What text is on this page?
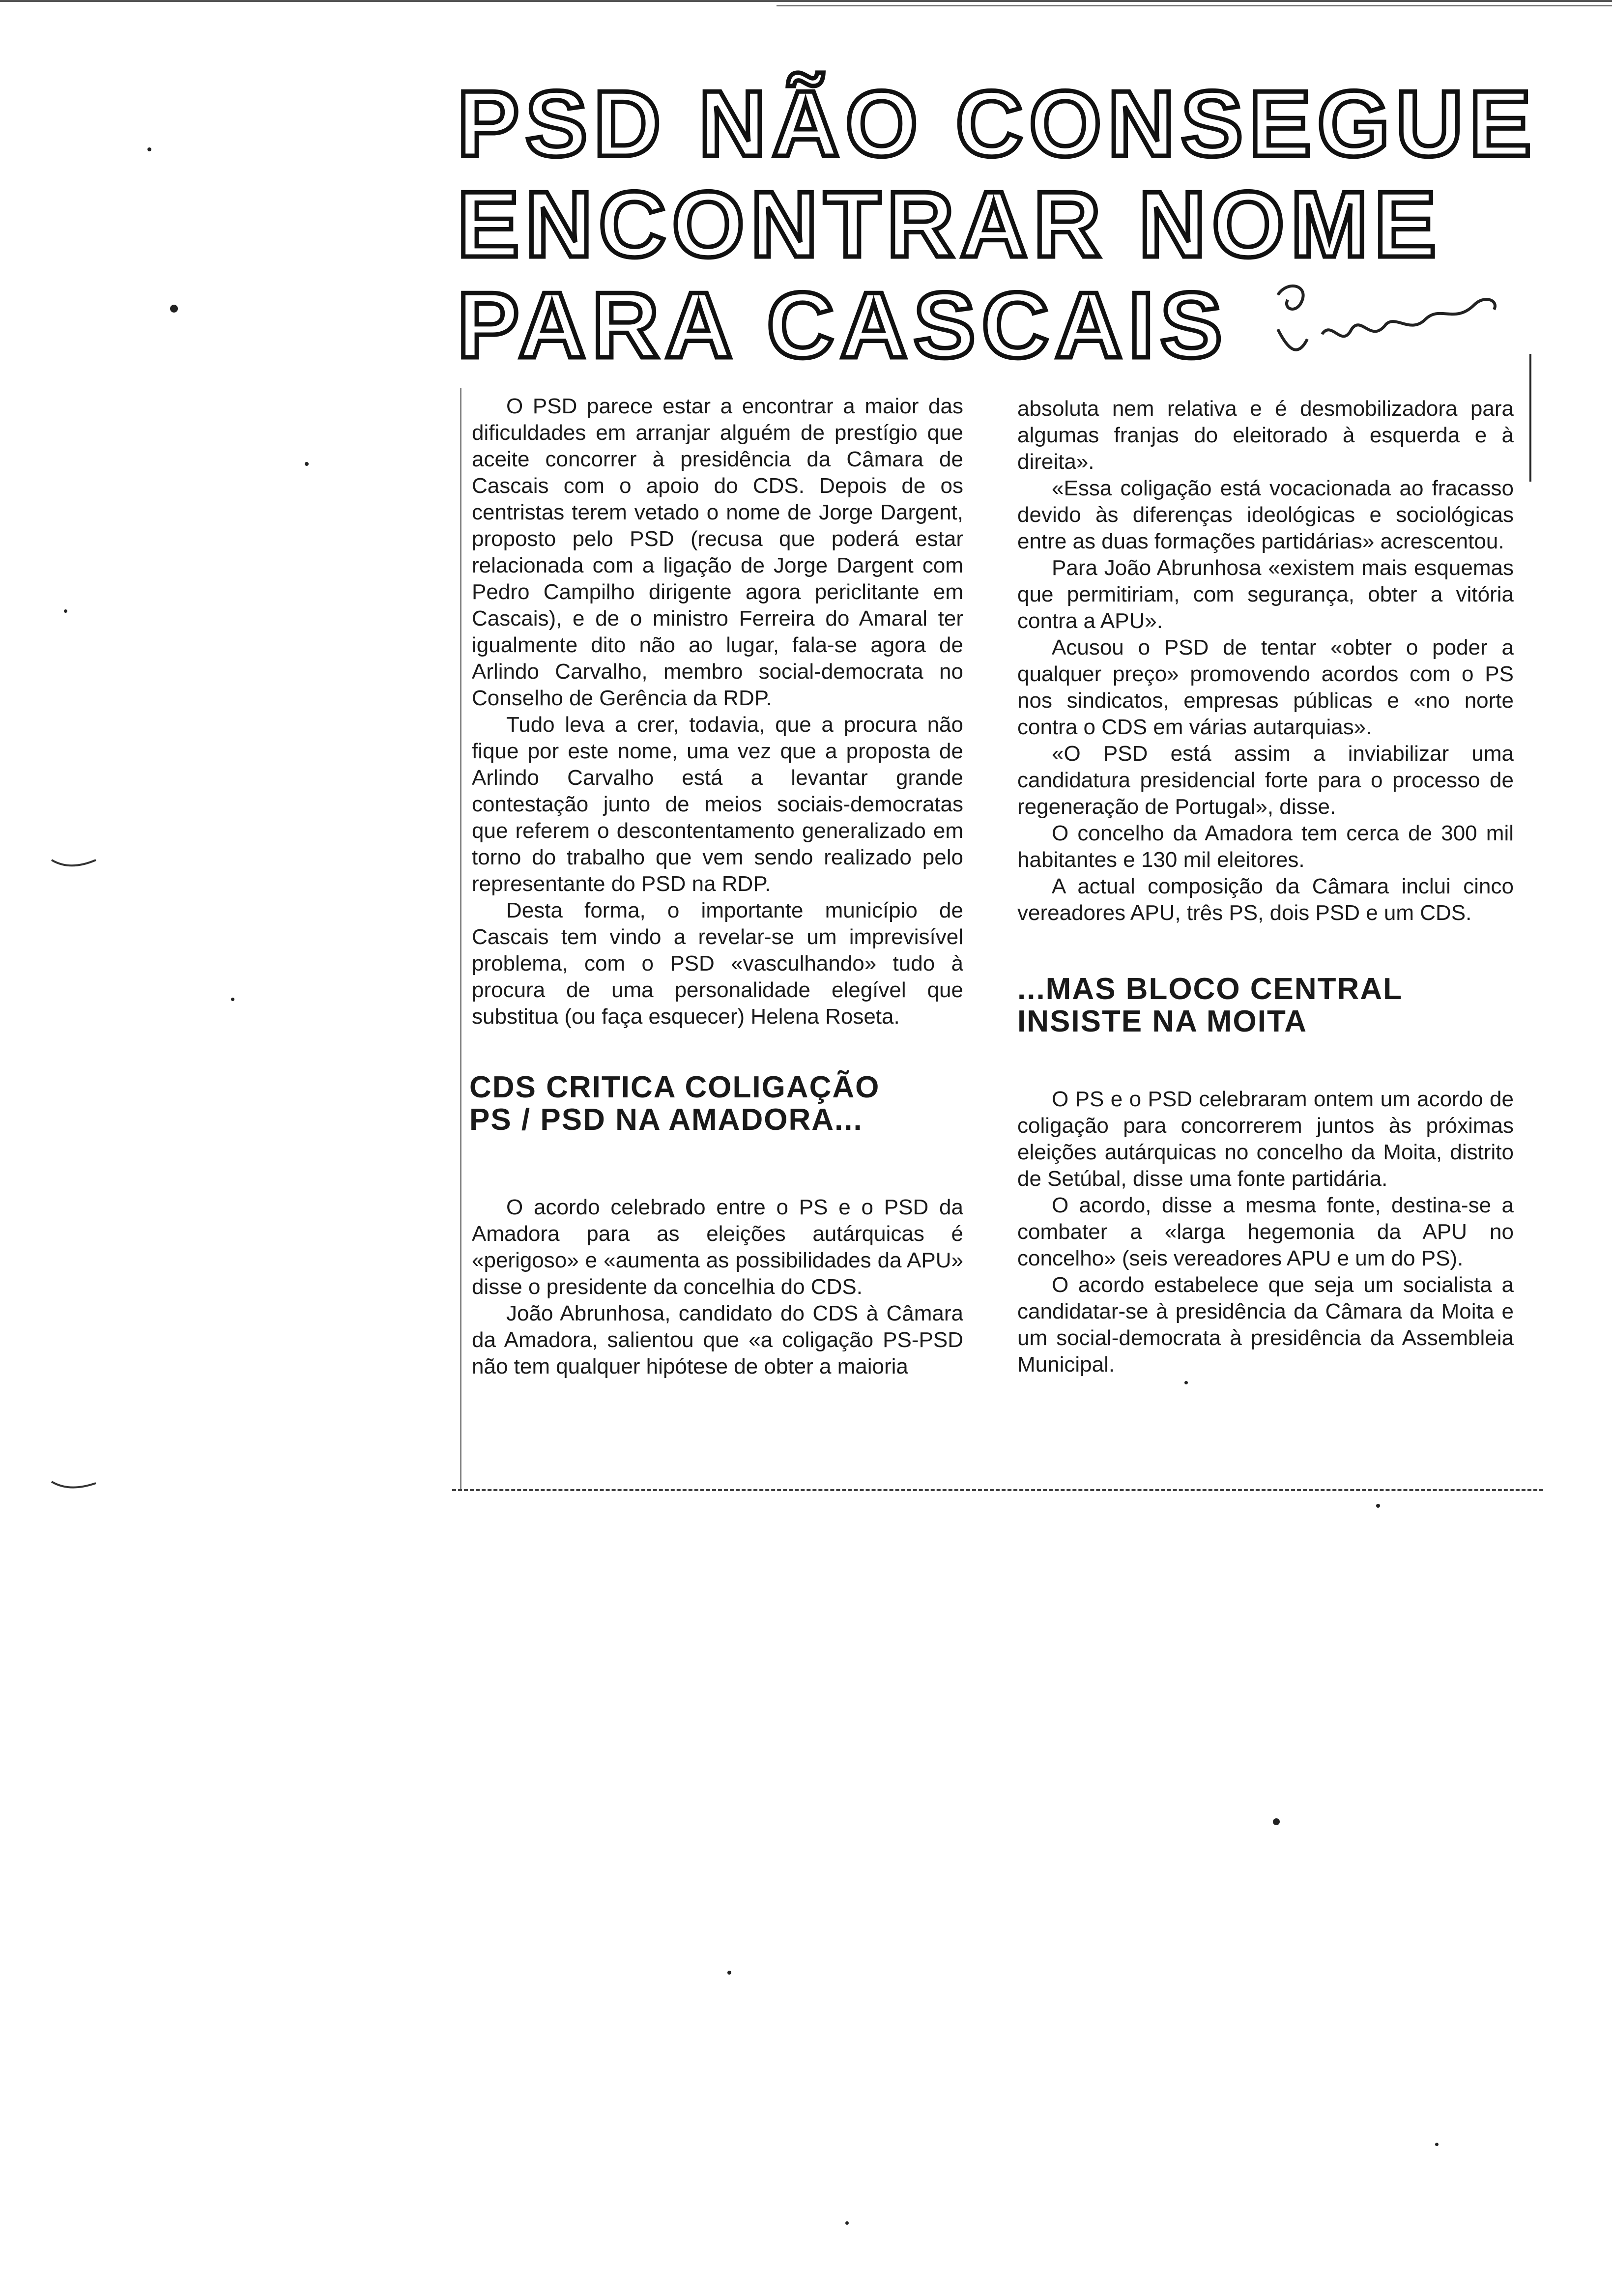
PSD NÃO CONSEGUE
ENCONTRAR NOME
PARA CASCAIS

O PSD parece estar a encontrar a maior das dificuldades em arranjar alguém de prestígio que aceite concorrer à presidência da Câmara de Cascais com o apoio do CDS. Depois de os centristas terem vetado o nome de Jorge Dargent, proposto pelo PSD (recusa que poderá estar relacionada com a ligação de Jorge Dargent com Pedro Campilho dirigente agora periclitante em Cascais), e de o ministro Ferreira do Amaral ter igualmente dito não ao lugar, fala-se agora de Arlindo Carvalho, membro social-democrata no Conselho de Gerência da RDP.

Tudo leva a crer, todavia, que a procura não fique por este nome, uma vez que a proposta de Arlindo Carvalho está a levantar grande contestação junto de meios sociais-democratas que referem o descontentamento generalizado em torno do trabalho que vem sendo realizado pelo representante do PSD na RDP.

Desta forma, o importante município de Cascais tem vindo a revelar-se um imprevisível problema, com o PSD «vasculhando» tudo à procura de uma personalidade elegível que substitua (ou faça esquecer) Helena Roseta.

CDS CRITICA COLIGAÇÃO PS / PSD NA AMADORA...

O acordo celebrado entre o PS e o PSD da Amadora para as eleições autárquicas é «perigoso» e «aumenta as possibilidades da APU» disse o presidente da concelhia do CDS.

João Abrunhosa, candidato do CDS à Câmara da Amadora, salientou que «a coligação PS-PSD não tem qualquer hipótese de obter a maioria

absoluta nem relativa e é desmobilizadora para algumas franjas do eleitorado à esquerda e à direita».

«Essa coligação está vocacionada ao fracasso devido às diferenças ideológicas e sociológicas entre as duas formações partidárias» acrescentou.

Para João Abrunhosa «existem mais esquemas que permitiriam, com segurança, obter a vitória contra a APU».

Acusou o PSD de tentar «obter o poder a qualquer preço» promovendo acordos com o PS nos sindicatos, empresas públicas e «no norte contra o CDS em várias autarquias».

«O PSD está assim a inviabilizar uma candidatura presidencial forte para o processo de regeneração de Portugal», disse.

O concelho da Amadora tem cerca de 300 mil habitantes e 130 mil eleitores.

A actual composição da Câmara inclui cinco vereadores APU, três PS, dois PSD e um CDS.

...MAS BLOCO CENTRAL INSISTE NA MOITA

O PS e o PSD celebraram ontem um acordo de coligação para concorrerem juntos às próximas eleições autárquicas no concelho da Moita, distrito de Setúbal, disse uma fonte partidária.

O acordo, disse a mesma fonte, destina-se a combater a «larga hegemonia da APU no concelho» (seis vereadores APU e um do PS).

O acordo estabelece que seja um socialista a candidatar-se à presidência da Câmara da Moita e um social-democrata à presidência da Assembleia Municipal.
